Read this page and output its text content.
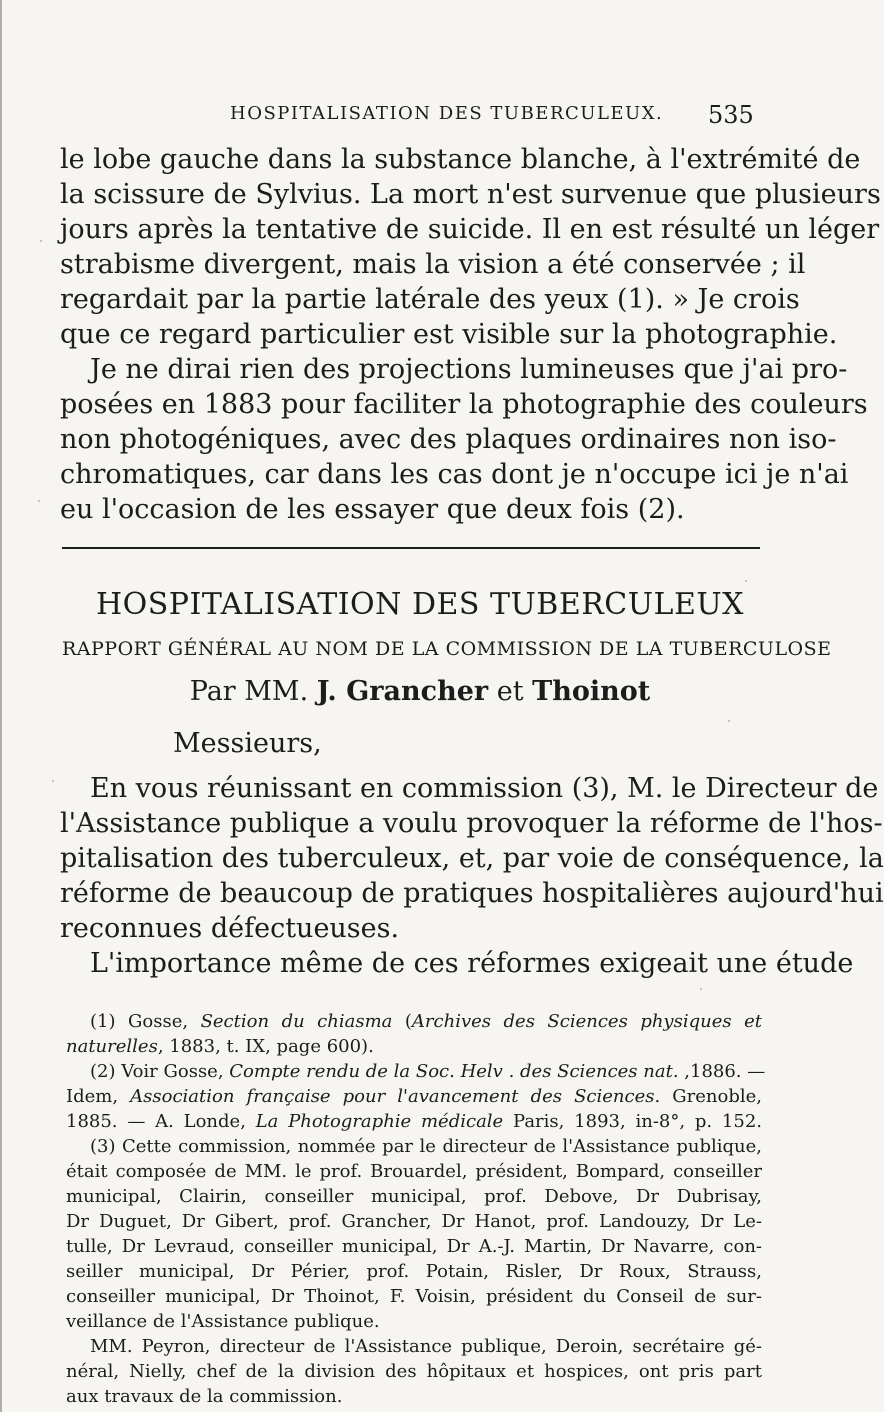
HOSPITALISATION DES TUBERCULEUX. 535
le lobe gauche dans la substance blanche, à l'extrémité de
la scissure de Sylvius. La mort n'est survenue que plusieurs
jours après la tentative de suicide. Il en est résulté un léger
strabisme divergent, mais la vision a été conservée ; il
regardait par la partie latérale des yeux (1). » Je crois
que ce regard particulier est visible sur la photographie.
Je ne dirai rien des projections lumineuses que j'ai pro-
posées en 1883 pour faciliter la photographie des couleurs
non photogéniques, avec des plaques ordinaires non iso-
chromatiques, car dans les cas dont je n'occupe ici je n'ai
eu l'occasion de les essayer que deux fois (2).
HOSPITALISATION DES TUBERCULEUX
RAPPORT GÉNÉRAL AU NOM DE LA COMMISSION DE LA TUBERCULOSE
Par MM. J. Grancher et Thoinot
Messieurs,
En vous réunissant en commission (3), M. le Directeur de
l'Assistance publique a voulu provoquer la réforme de l'hos-
pitalisation des tuberculeux, et, par voie de conséquence, la
réforme de beaucoup de pratiques hospitalières aujourd'hui
reconnues défectueuses.
L'importance même de ces réformes exigeait une étude
(1) Gosse, Section du chiasma (Archives des Sciences physiques et
naturelles, 1883, t. IX, page 600).
(2) Voir Gosse, Compte rendu de la Soc. Helv . des Sciences nat. ,1886. —
Idem, Association française pour l'avancement des Sciences. Grenoble,
1885. — A. Londe, La Photographie médicale Paris, 1893, in-8°, p. 152.
(3) Cette commission, nommée par le directeur de l'Assistance publique,
était composée de MM. le prof. Brouardel, président, Bompard, conseiller
municipal, Clairin, conseiller municipal, prof. Debove, Dr Dubrisay,
Dr Duguet, Dr Gibert, prof. Grancher, Dr Hanot, prof. Landouzy, Dr Le-
tulle, Dr Levraud, conseiller municipal, Dr A.-J. Martin, Dr Navarre, con-
seiller municipal, Dr Périer, prof. Potain, Risler, Dr Roux, Strauss,
conseiller municipal, Dr Thoinot, F. Voisin, président du Conseil de sur-
veillance de l'Assistance publique.
MM. Peyron, directeur de l'Assistance publique, Deroin, secrétaire gé-
néral, Nielly, chef de la division des hôpitaux et hospices, ont pris part
aux travaux de la commission.
